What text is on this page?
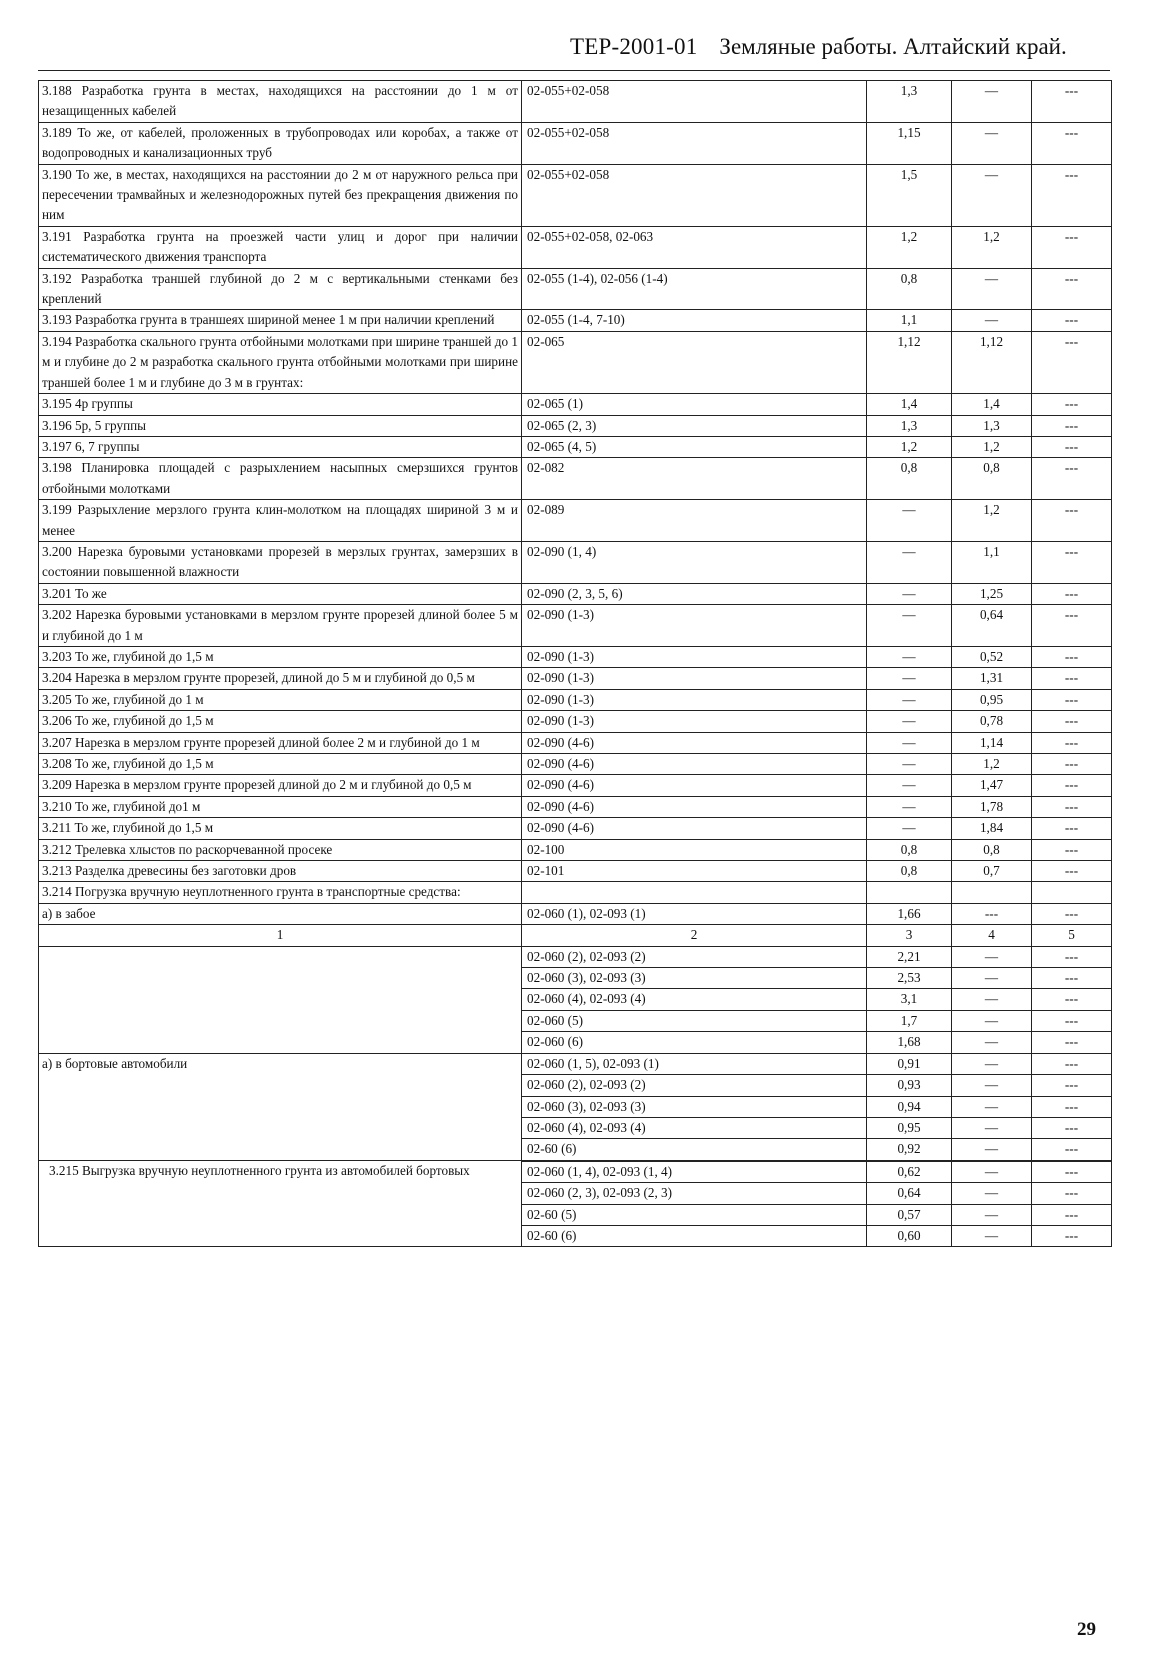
ТЕР-2001-01 Земляные работы. Алтайский край.
3.188 Разработка грунта в местах, находящихся на расстоянии до 1 м от незащищенных кабелей	02-055+02-058	1,3	—	---
3.189 То же, от кабелей, проложенных в трубопроводах или коробах, а также от водопроводных и канализационных труб	02-055+02-058	1,15	—	---
3.190 То же, в местах, находящихся на расстоянии до 2 м от наружного рельса при пересечении трамвайных и железнодорожных путей без прекращения движения по ним	02-055+02-058	1,5	—	---
3.191 Разработка грунта на проезжей части улиц и дорог при наличии систематического движения транспорта	02-055+02-058, 02-063	1,2	1,2	---
3.192 Разработка траншей глубиной до 2 м с вертикальными стенками без креплений	02-055 (1-4), 02-056 (1-4)	0,8	—	---
3.193 Разработка грунта в траншеях шириной менее 1 м при наличии креплений	02-055 (1-4, 7-10)	1,1	—	---
3.194 Разработка скального грунта отбойными молотками при ширине траншей до 1 м и глубине до 2 м разработка скального грунта отбойными молотками при ширине траншей более 1 м и глубине до 3 м в грунтах:	02-065	1,12	1,12	---
3.195 4р группы	02-065 (1)	1,4	1,4	---
3.196 5р, 5 группы	02-065 (2, 3)	1,3	1,3	---
3.197 6, 7 группы	02-065 (4, 5)	1,2	1,2	---
3.198 Планировка площадей с разрыхлением насыпных смерзшихся грунтов отбойными молотками	02-082	0,8	0,8	---
3.199 Разрыхление мерзлого грунта клин-молотком на площадях шириной 3 м и менее	02-089	—	1,2	---
3.200 Нарезка буровыми установками прорезей в мерзлых грунтах, замерзших в состоянии повышенной влажности	02-090 (1, 4)	—	1,1	---
3.201 То же	02-090 (2, 3, 5, 6)	—	1,25	---
3.202 Нарезка буровыми установками в мерзлом грунте прорезей длиной более 5 м и глубиной до 1 м	02-090 (1-3)	—	0,64	---
3.203 То же, глубиной до 1,5 м	02-090 (1-3)	—	0,52	---
3.204 Нарезка в мерзлом грунте прорезей, длиной до 5 м и глубиной до 0,5 м	02-090 (1-3)	—	1,31	---
3.205 То же, глубиной до 1 м	02-090 (1-3)	—	0,95	---
3.206 То же, глубиной до 1,5 м	02-090 (1-3)	—	0,78	---
3.207 Нарезка в мерзлом грунте прорезей длиной более 2 м и глубиной до 1 м	02-090 (4-6)	—	1,14	---
3.208 То же, глубиной до 1,5 м	02-090 (4-6)	—	1,2	---
3.209 Нарезка в мерзлом грунте прорезей длиной до 2 м и глубиной до 0,5 м	02-090 (4-6)	—	1,47	---
3.210 То же, глубиной до1 м	02-090 (4-6)	—	1,78	---
3.211 То же, глубиной до 1,5 м	02-090 (4-6)	—	1,84	---
3.212 Трелевка хлыстов по раскорчеванной просеке	02-100	0,8	0,8	---
3.213 Разделка древесины без заготовки дров	02-101	0,8	0,7	---
3.214 Погрузка вручную неуплотненного грунта в транспортные средства:				
а) в забое	02-060 (1), 02-093 (1)	1,66	---	---
1	2	3	4	5
	02-060 (2), 02-093 (2)	2,21	—	---
	02-060 (3), 02-093 (3)	2,53	—	---
	02-060 (4), 02-093 (4)	3,1	—	---
	02-060 (5)	1,7	—	---
	02-060 (6)	1,68	—	---
а) в бортовые автомобили	02-060 (1, 5), 02-093 (1)	0,91	—	---
	02-060 (2), 02-093 (2)	0,93	—	---
	02-060 (3), 02-093 (3)	0,94	—	---
	02-060 (4), 02-093 (4)	0,95	—	---
	02-60 (6)	0,92	—	---
3.215 Выгрузка вручную неуплотненного грунта из автомобилей бортовых				
	02-060 (1, 4), 02-093 (1, 4)	0,62	—	---
	02-060 (2, 3), 02-093 (2, 3)	0,64	—	---
	02-60 (5)	0,57	—	---
	02-60 (6)	0,60	—	---
29
